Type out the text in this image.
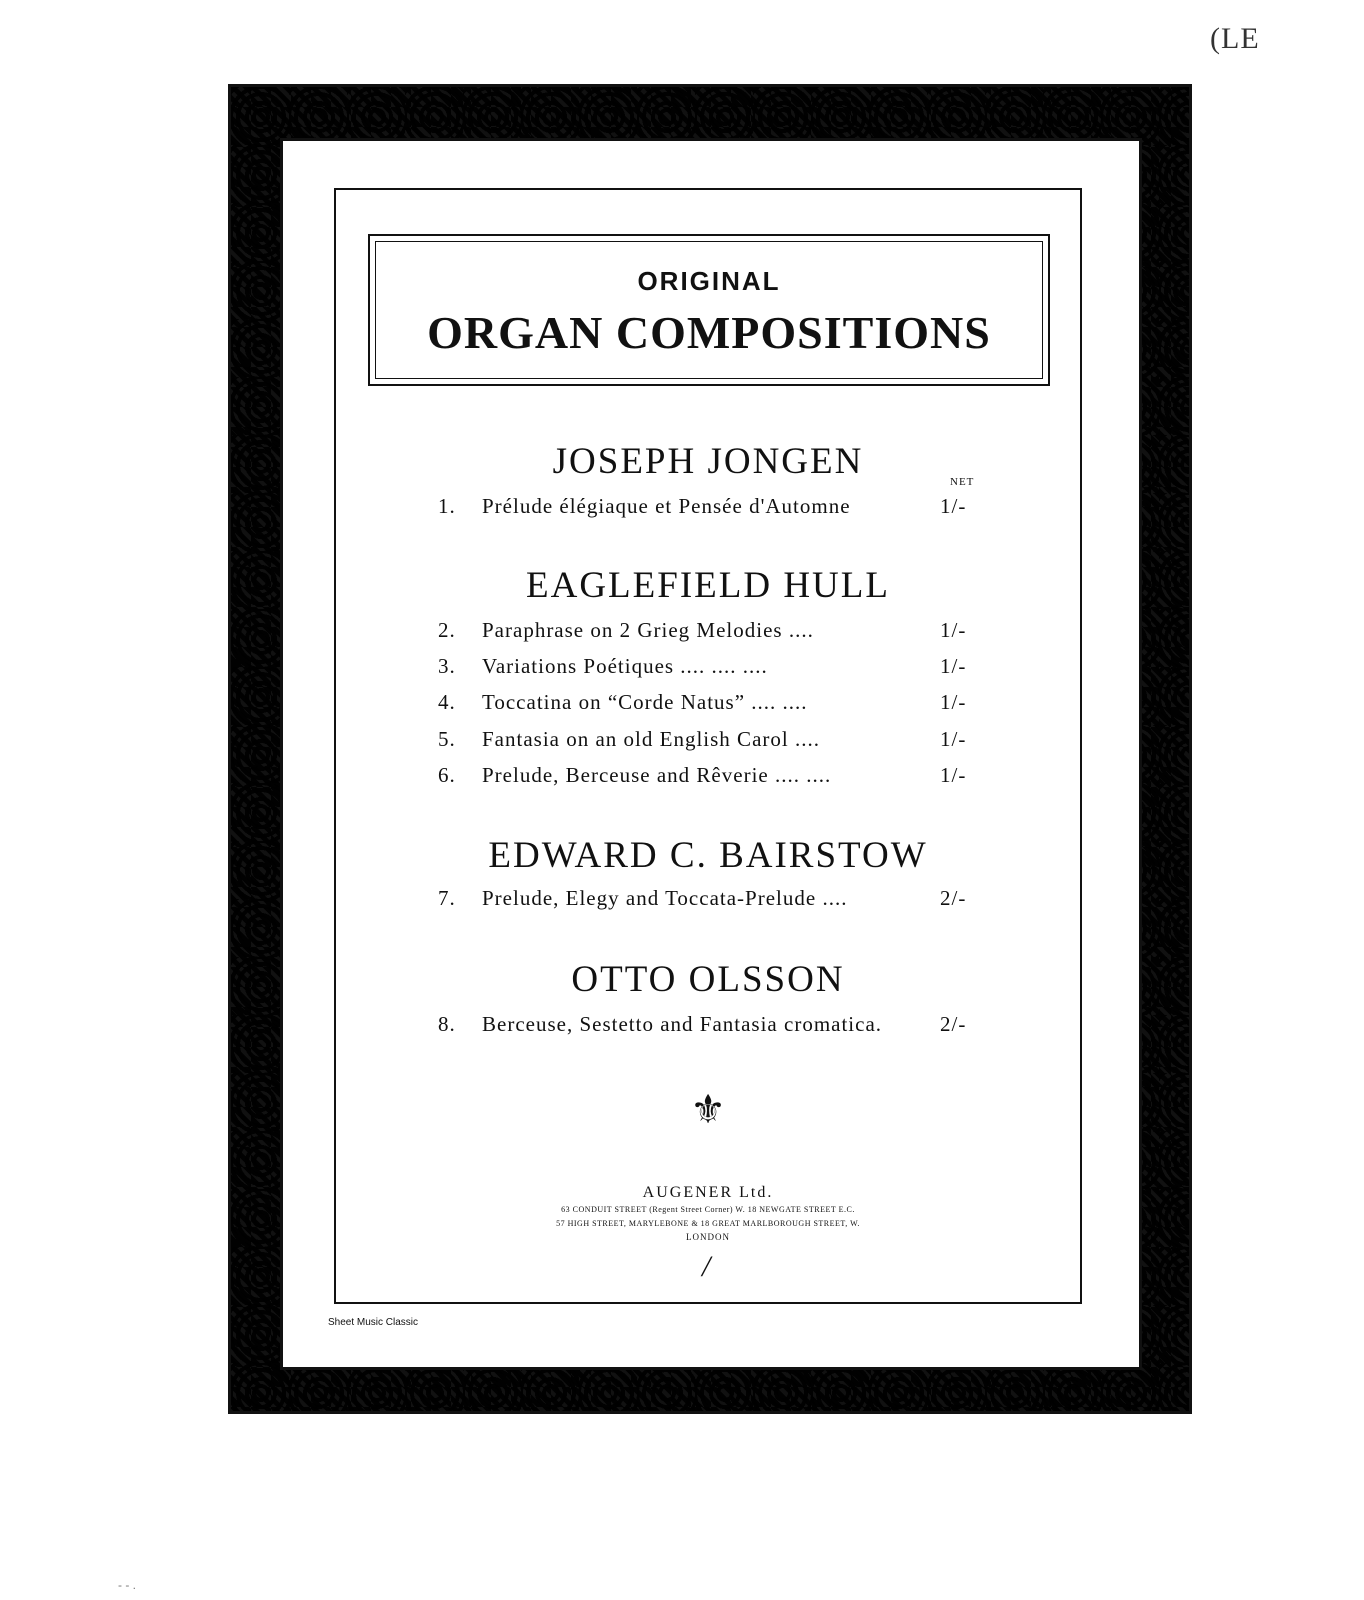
(LE
ORIGINAL
ORGAN COMPOSITIONS
JOSEPH JONGEN	NET
1. Prélude élégiaque et Pensée d'Automne	1/-
EAGLEFIELD HULL
2. Paraphrase on 2 Grieg Melodies ....	1/-
3. Variations Poétiques .... .... ....	1/-
4. Toccatina on “Corde Natus” .... ....	1/-
5. Fantasia on an old English Carol ....	1/-
6. Prelude, Berceuse and Rêverie .... ....	1/-
EDWARD C. BAIRSTOW
7. Prelude, Elegy and Toccata-Prelude ....	2/-
OTTO OLSSON
8. Berceuse, Sestetto and Fantasia cromatica.	2/-
⚜
AUGENER Ltd.
63 CONDUIT STREET (Regent Street Corner) W. 18 NEWGATE STREET E.C.
57 HIGH STREET, MARYLEBONE & 18 GREAT MARLBOROUGH STREET, W.
LONDON
/
Sheet Music Classic
- - .
